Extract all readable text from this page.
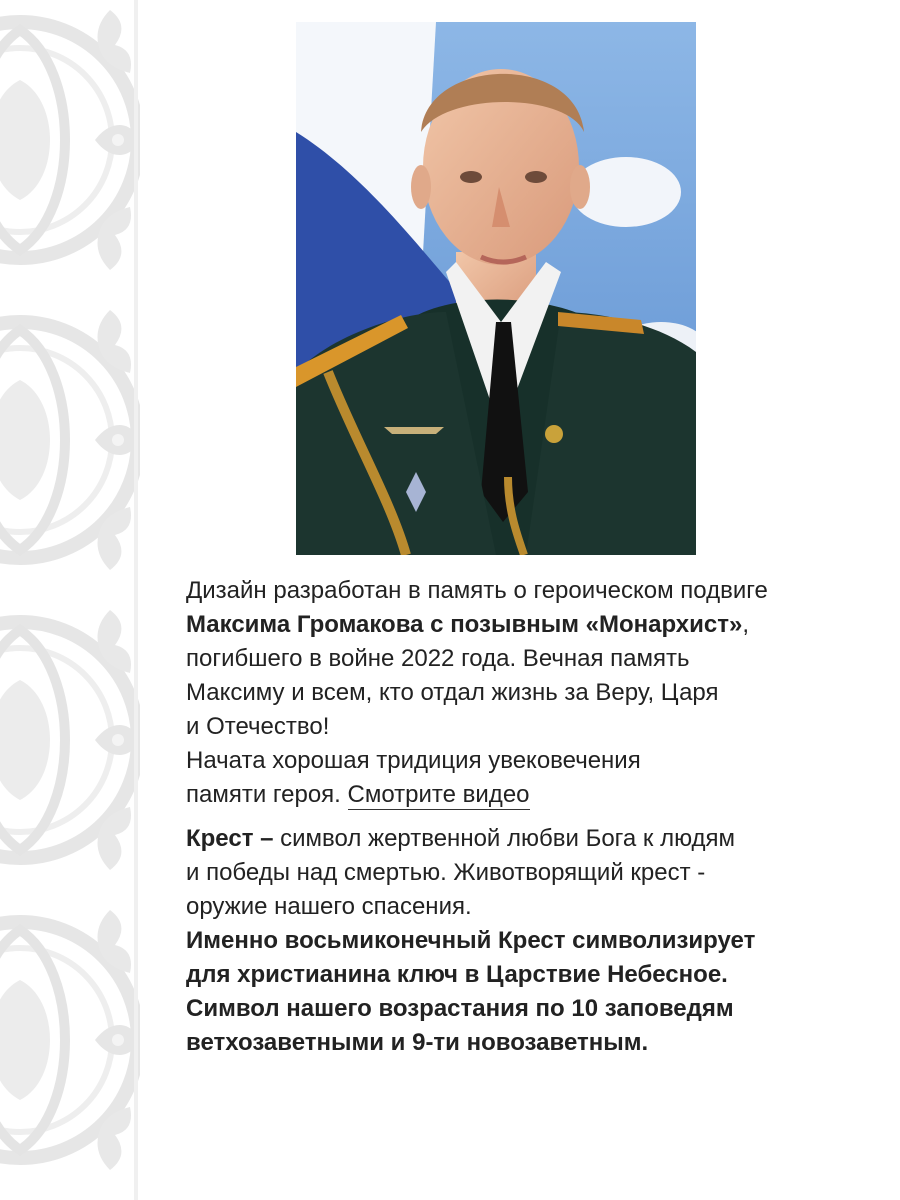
Дизайн разработан в память о героическом подвиге
Максима Громакова с позывным «Монархист»,
погибшего в войне 2022 года. Вечная память
Максиму и всем, кто отдал жизнь за Веру, Царя
и Отечество!
Начата хорошая тридиция увековечения
памяти героя. Смотрите видео

Крест – символ жертвенной любви Бога к людям
и победы над смертью. Животворящий крест -
оружие нашего спасения.
Именно восьмиконечный Крест символизирует
для христианина ключ в Царствие Небесное.
Символ нашего возрастания по 10 заповедям
ветхозаветными и 9-ти новозаветным.
